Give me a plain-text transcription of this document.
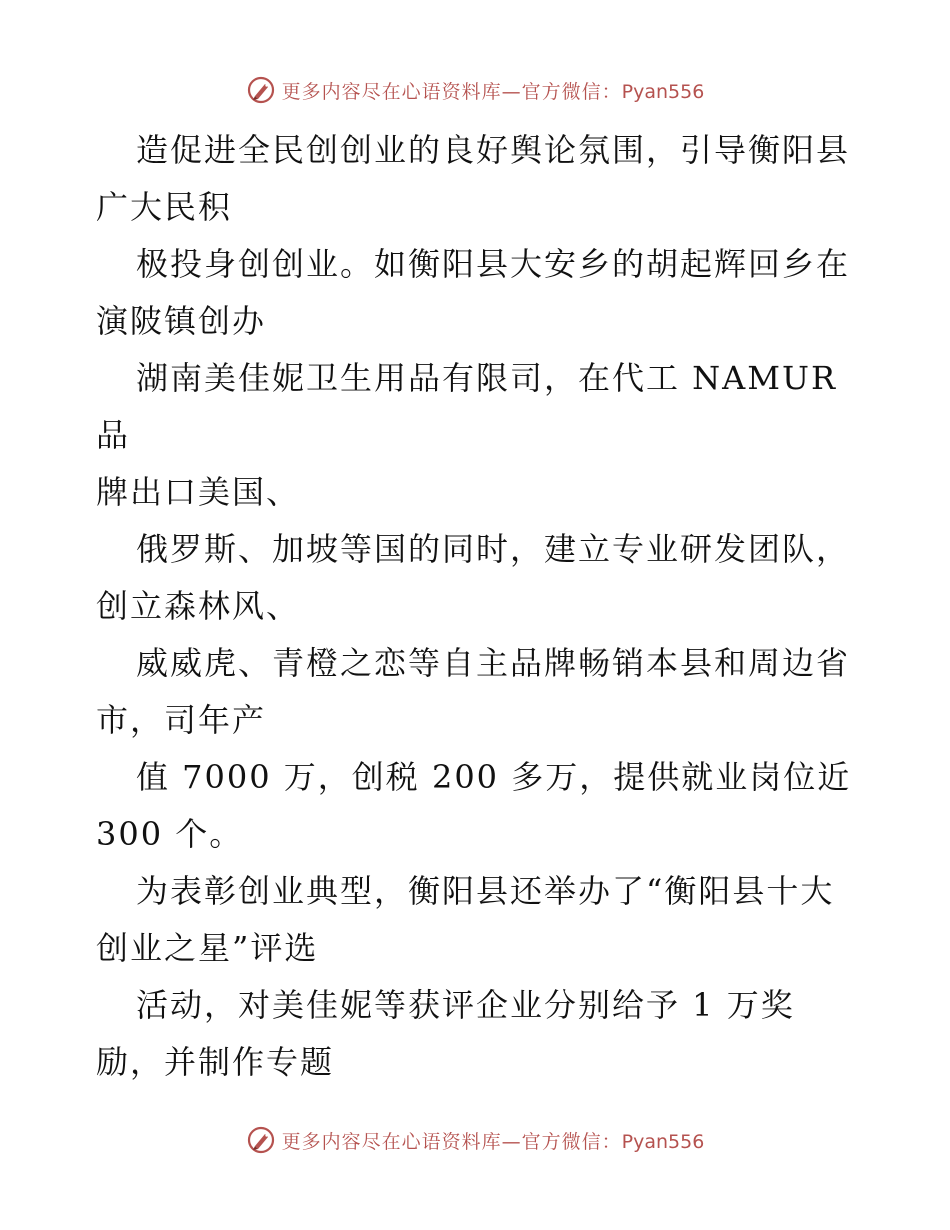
更多内容尽在心语资料库—官方微信：Pyan556

造促进全民创创业的良好舆论氛围，引导衡阳县
广大民积

极投身创创业。如衡阳县大安乡的胡起辉回乡在
演陂镇创办

湖南美佳妮卫生用品有限司，在代工 NAMUR 品
牌出口美国、

俄罗斯、加坡等国的同时，建立专业研发团队，
创立森林风、

威威虎、青橙之恋等自主品牌畅销本县和周边省
市，司年产

值 7000 万，创税 200 多万，提供就业岗位近
300 个。

为表彰创业典型，衡阳县还举办了“衡阳县十大
创业之星”评选

活动，对美佳妮等获评企业分别给予 1 万奖
励，并制作专题

更多内容尽在心语资料库—官方微信：Pyan556
